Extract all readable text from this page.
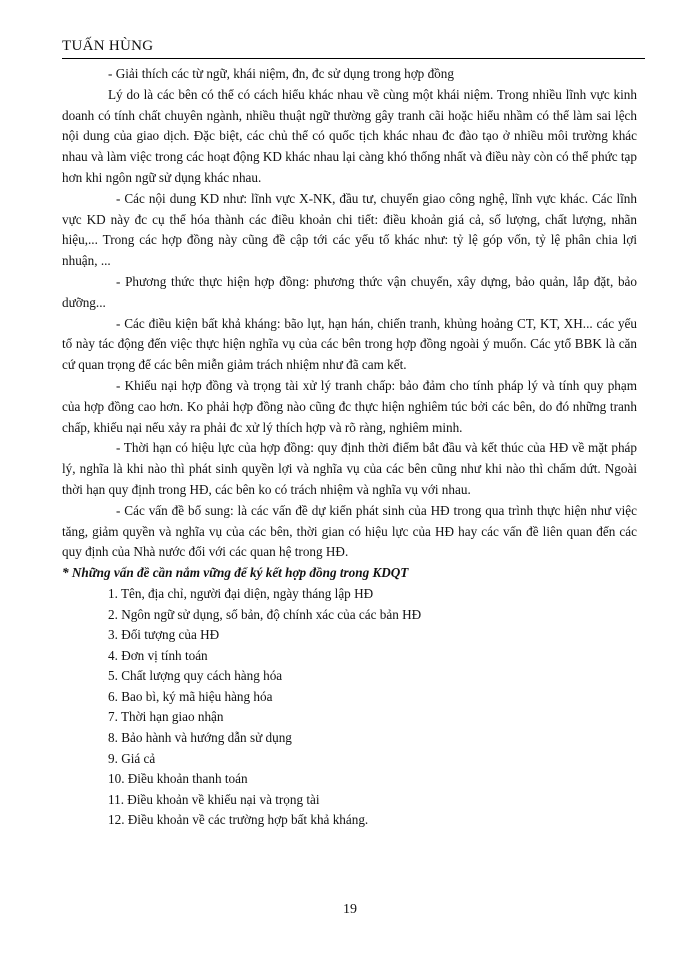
TUẤN HÙNG

- Giải thích các từ ngữ, khái niệm, đn, đc sử dụng trong hợp đồng

Lý do là các bên có thể có cách hiểu khác nhau về cùng một khái niệm. Trong nhiều lĩnh vực kinh doanh có tính chất chuyên ngành, nhiều thuật ngữ thường gây tranh cãi hoặc hiểu nhầm có thể làm sai lệch nội dung của giao dịch. Đặc biệt, các chủ thể có quốc tịch khác nhau đc đào tạo ở nhiều môi trường khác nhau và làm việc trong các hoạt động KD khác nhau lại càng khó thống nhất và điều này còn có thể phức tạp hơn khi ngôn ngữ sử dụng khác nhau.

- Các nội dung KD như: lĩnh vực X-NK, đầu tư, chuyển giao công nghệ, lĩnh vực khác. Các lĩnh vực KD này đc cụ thể hóa thành các điều khoản chi tiết: điều khoản giá cả, số lượng, chất lượng, nhãn hiệu,... Trong các hợp đồng này cũng đề cập tới các yếu tố khác như: tỷ lệ góp vốn, tỷ lệ phân chia lợi nhuận, ...

- Phương thức thực hiện hợp đồng: phương thức vận chuyển, xây dựng, bảo quản, lắp đặt, bảo dưỡng...

- Các điều kiện bất khả kháng: bão lụt, hạn hán, chiến tranh, khủng hoảng CT, KT, XH... các yếu tố này tác động đến việc thực hiện nghĩa vụ của các bên trong hợp đồng ngoài ý muốn. Các ytố BBK là căn cứ quan trọng để các bên miễn giảm trách nhiệm như đã cam kết.

- Khiếu nại hợp đồng và trọng tài xử lý tranh chấp: bảo đảm cho tính pháp lý và tính quy phạm của hợp đồng cao hơn. Ko phải hợp đồng nào cũng đc thực hiện nghiêm túc bởi các bên, do đó những tranh chấp, khiếu nại nếu xảy ra phải đc xử lý thích hợp và rõ ràng, nghiêm minh.

- Thời hạn có hiệu lực của hợp đồng: quy định thời điểm bắt đầu và kết thúc của HĐ về mặt pháp lý, nghĩa là khi nào thì phát sinh quyền lợi và nghĩa vụ của các bên cũng như khi nào thì chấm dứt. Ngoài thời hạn quy định trong HĐ, các bên ko có trách nhiệm và nghĩa vụ với nhau.

- Các vấn đề bổ sung: là các vấn đề dự kiến phát sinh của HĐ trong qua trình thực hiện như việc tăng, giảm quyền và nghĩa vụ của các bên, thời gian có hiệu lực của HĐ hay các vấn đề liên quan đến các quy định của Nhà nước đối với các quan hệ trong HĐ.

* Những vấn đề cần nắm vững để ký kết hợp đồng trong KDQT

1. Tên, địa chỉ, người đại diện, ngày tháng lập HĐ
2. Ngôn ngữ sử dụng, số bản, độ chính xác của các bản HĐ
3. Đối tượng của HĐ
4. Đơn vị tính toán
5. Chất lượng quy cách hàng hóa
6. Bao bì, ký mã hiệu hàng hóa
7. Thời hạn giao nhận
8. Bảo hành và hướng dẫn sử dụng
9. Giá cả
10. Điều khoản thanh toán
11. Điều khoản về khiếu nại và trọng tài
12. Điều khoản về các trường hợp bất khả kháng.
19
